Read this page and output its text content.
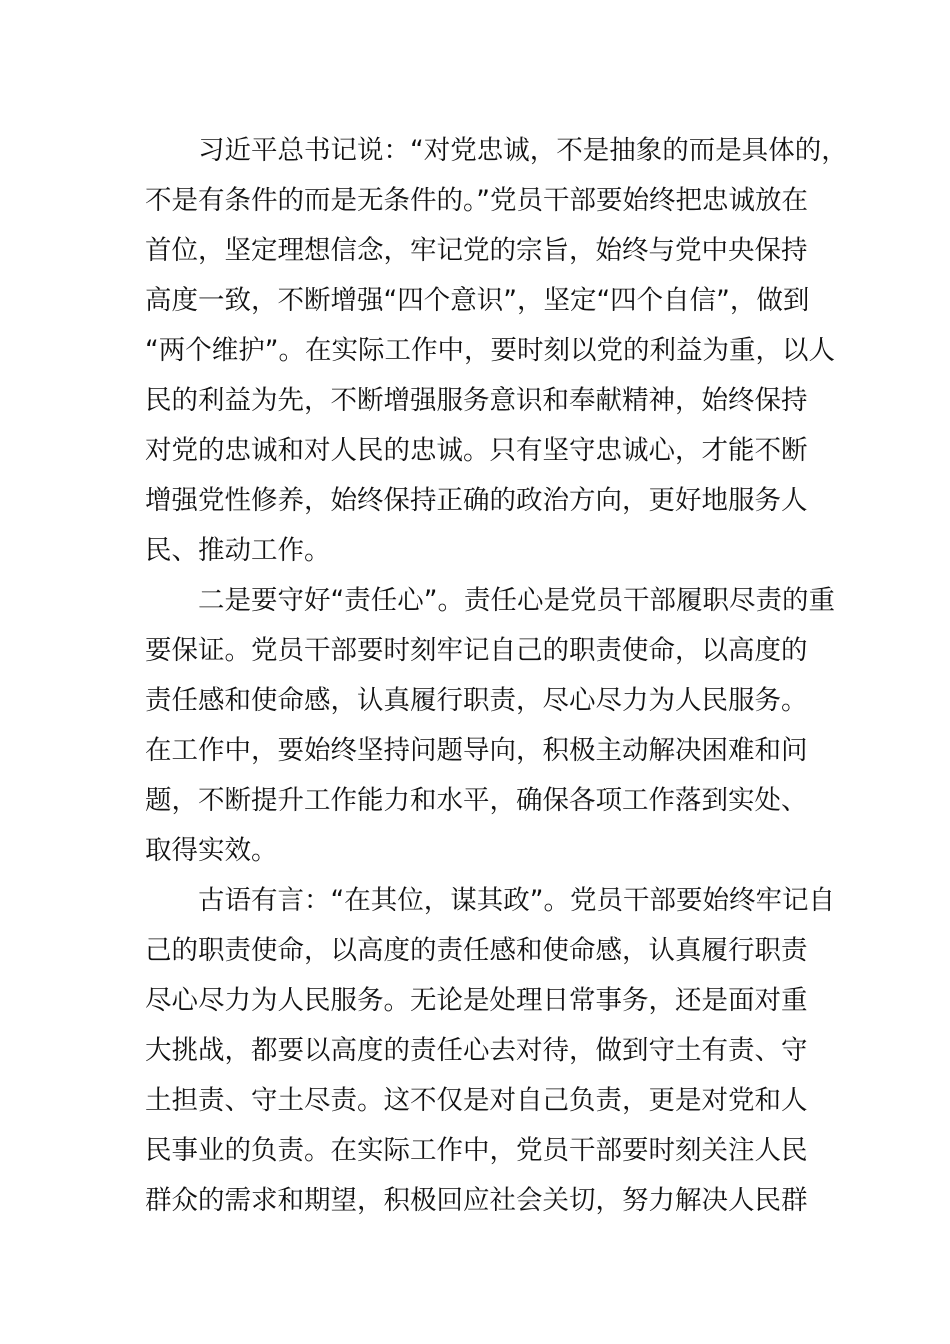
习近平总书记说：“对党忠诚，不是抽象的而是具体的，
不是有条件的而是无条件的。”党员干部要始终把忠诚放在
首位，坚定理想信念，牢记党的宗旨，始终与党中央保持
高度一致，不断增强“四个意识”，坚定“四个自信”，做到
“两个维护”。在实际工作中，要时刻以党的利益为重，以人
民的利益为先，不断增强服务意识和奉献精神，始终保持
对党的忠诚和对人民的忠诚。只有坚守忠诚心，才能不断
增强党性修养，始终保持正确的政治方向，更好地服务人
民、推动工作。
二是要守好“责任心”。责任心是党员干部履职尽责的重
要保证。党员干部要时刻牢记自己的职责使命，以高度的
责任感和使命感，认真履行职责，尽心尽力为人民服务。
在工作中，要始终坚持问题导向，积极主动解决困难和问
题，不断提升工作能力和水平，确保各项工作落到实处、
取得实效。
古语有言：“在其位，谋其政”。党员干部要始终牢记自
己的职责使命，以高度的责任感和使命感，认真履行职责
尽心尽力为人民服务。无论是处理日常事务，还是面对重
大挑战，都要以高度的责任心去对待，做到守土有责、守
土担责、守土尽责。这不仅是对自己负责，更是对党和人
民事业的负责。在实际工作中，党员干部要时刻关注人民
群众的需求和期望，积极回应社会关切，努力解决人民群
